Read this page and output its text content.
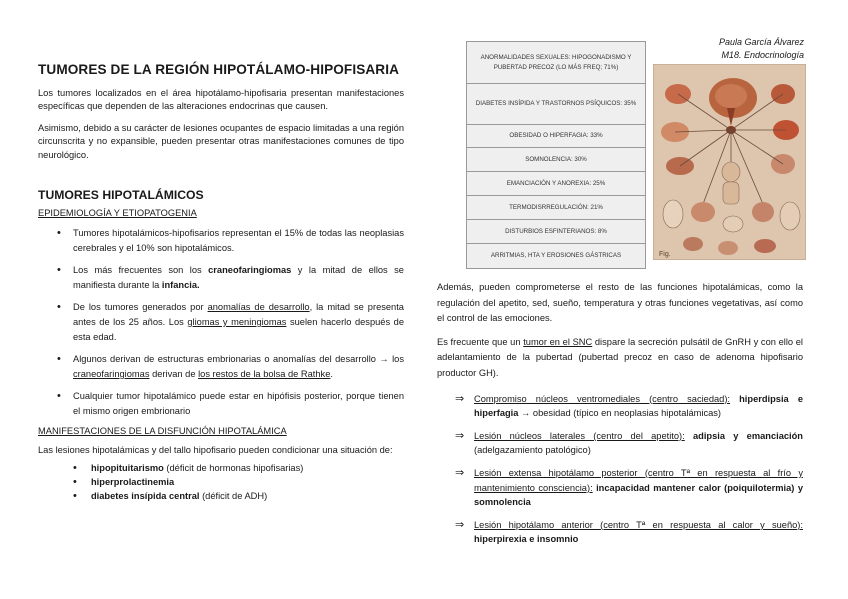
Paula García Álvarez
M18. Endocrinología
TUMORES DE LA REGIÓN HIPOTÁLAMO-HIPOFISARIA

Los tumores localizados en el área hipotálamo-hipofisaria presentan manifestaciones específicas que dependen de las alteraciones endocrinas que causen.

Asimismo, debido a su carácter de lesiones ocupantes de espacio limitadas a una región circunscrita y no expansible, pueden presentar otras manifestaciones comunes de tipo neurológico.

TUMORES HIPOTALÁMICOS
EPIDEMIOLOGÍA Y ETIOPATOGENIA
• Tumores hipotalámicos-hipofisarios representan el 15% de todas las neoplasias cerebrales y el 10% son hipotalámicos.
• Los más frecuentes son los craneofaringiomas y la mitad de ellos se manifiesta durante la infancia.
• De los tumores generados por anomalías de desarrollo, la mitad se presenta antes de los 25 años. Los gliomas y meningiomas suelen hacerlo después de esta edad.
• Algunos derivan de estructuras embrionarias o anomalías del desarrollo → los craneofaringiomas derivan de los restos de la bolsa de Rathke.
• Cualquier tumor hipotalámico puede estar en hipófisis posterior, porque tienen el mismo origen embrionario
MANIFESTACIONES DE LA DISFUNCIÓN HIPOTALÁMICA

Las lesiones hipotalámicas y del tallo hipofisario pueden condicionar una situación de:

• hipopituitarismo (déficit de hormonas hipofisarias)
• hiperprolactinemia
• diabetes insípida central (déficit de ADH)
ANORMALIDADES SEXUALES: HIPOGONADISMO Y PUBERTAD PRECOZ (LO MÁS FREQ; 71%)
DIABETES INSÍPIDA Y TRASTORNOS PSÍQUICOS: 35%
OBESIDAD O HIPERFAGIA: 33%
SOMNOLENCIA: 30%
EMANCIACIÓN Y ANOREXIA: 25%
TERMODISRREGULACIÓN: 21%
DISTURBIOS ESFINTERIANOS: 8%
ARRITMIAS, HTA Y EROSIONES GÁSTRICAS	Fig.

Además, pueden comprometerse el resto de las funciones hipotalámicas, como la regulación del apetito, sed, sueño, temperatura y otras funciones vegetativas, así como el control de las emociones.

Es frecuente que un tumor en el SNC dispare la secreción pulsátil de GnRH y con ello el adelantamiento de la pubertad (pubertad precoz en caso de adenoma hipofisario productor GH).

⇒ Compromiso núcleos ventromediales (centro saciedad): hiperdipsia e hiperfagia → obesidad (típico en neoplasias hipotalámicas)
⇒ Lesión núcleos laterales (centro del apetito): adipsia y emanciación (adelgazamiento patológico)
⇒ Lesión extensa hipotálamo posterior (centro Tª en respuesta al frío y mantenimiento consciencia): incapacidad mantener calor (poiquilotermia) y somnolencia
⇒ Lesión hipotálamo anterior (centro Tª en respuesta al calor y sueño): hiperpirexia e insomnio
